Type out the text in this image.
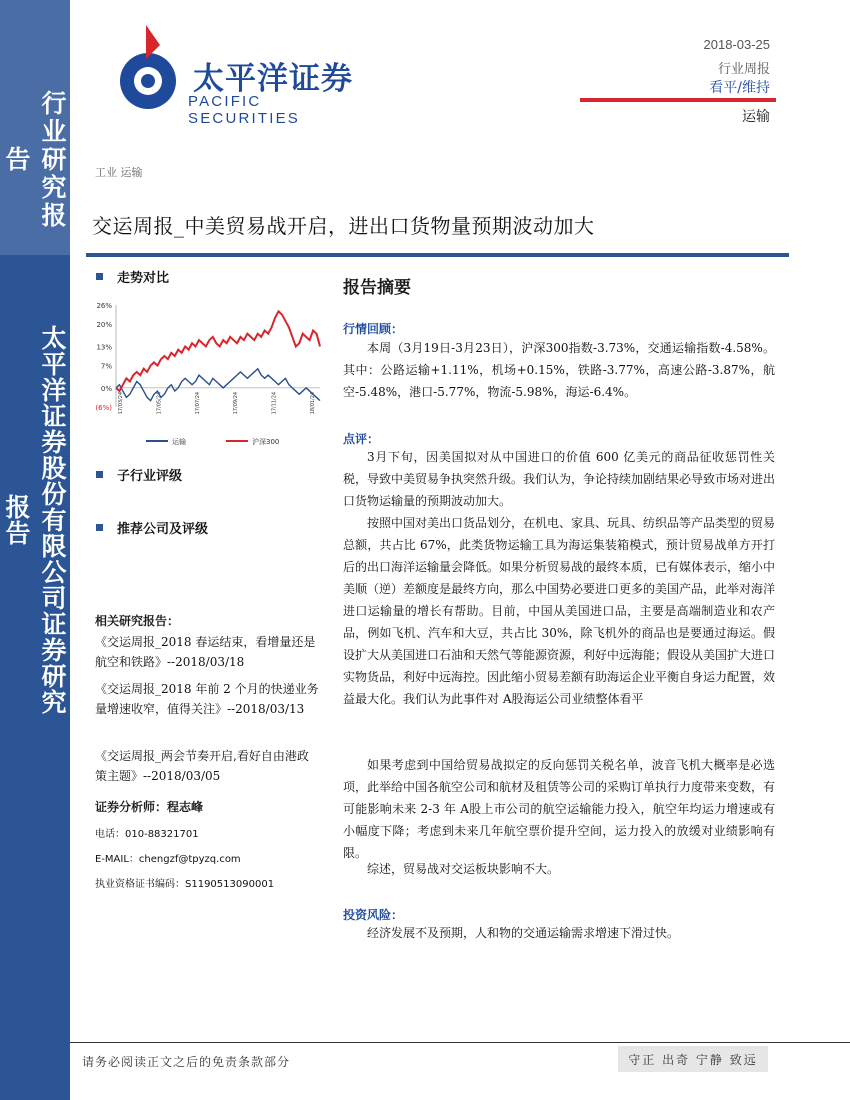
行业研究报告
太平洋证券股份有限公司证券研究报告
太平洋证券
PACIFIC SECURITIES
2018-03-25
行业周报
看平/维持
运输
工业 运输
交运周报_中美贸易战开启，进出口货物量预期波动加大
走势对比
26%
20%
13%
7%
0%
(6%) 17/03/24	17/05/24	17/07/24	17/09/24	17/11/24	18/01/24
运输	沪深300
子行业评级
推荐公司及评级
相关研究报告：
《交运周报_2018 春运结束，看增量还是航空和铁路》--2018/03/18
《交运周报_2018 年前 2 个月的快递业务量增速收窄，值得关注》--2018/03/13
《交运周报_两会节奏开启,看好自由港政策主题》--2018/03/05
证券分析师：程志峰
电话：010-88321701
E-MAIL：chengzf@tpyzq.com
执业资格证书编码：S1190513090001
报告摘要
行情回顾：
本周（3月19日-3月23日），沪深300指数-3.73%，交通运输指数-4.58%。其中：公路运输+1.11%，机场+0.15%，铁路-3.77%，高速公路-3.87%，航空-5.48%，港口-5.77%，物流-5.98%，海运-6.4%。
点评：
3月下旬，因美国拟对从中国进口的价值 600 亿美元的商品征收惩罚性关税，导致中美贸易争执突然升级。我们认为，争论持续加剧结果必导致市场对进出口货物运输量的预期波动加大。
按照中国对美出口货品划分，在机电、家具、玩具、纺织品等产品类型的贸易总额，共占比 67%，此类货物运输工具为海运集装箱模式，预计贸易战单方开打后的出口海洋运输量会降低。如果分析贸易战的最终本质，已有媒体表示，缩小中美顺（逆）差额度是最终方向，那么中国势必要进口更多的美国产品，此举对海洋进口运输量的增长有帮助。目前，中国从美国进口品，主要是高端制造业和农产品，例如飞机、汽车和大豆，共占比 30%，除飞机外的商品也是要通过海运。假设扩大从美国进口石油和天然气等能源资源，利好中远海能；假设从美国扩大进口实物货品，利好中远海控。因此缩小贸易差额有助海运企业平衡自身运力配置，效益最大化。我们认为此事件对 A股海运公司业绩整体看平
如果考虑到中国给贸易战拟定的反向惩罚关税名单，波音飞机大概率是必选项，此举给中国各航空公司和航材及租赁等公司的采购订单执行力度带来变数，有可能影响未来 2-3 年 A股上市公司的航空运输能力投入，航空年均运力增速或有小幅度下降；考虑到未来几年航空票价提升空间，运力投入的放缓对业绩影响有限。
综述，贸易战对交运板块影响不大。
投资风险：
经济发展不及预期，人和物的交通运输需求增速下滑过快。
请务必阅读正文之后的免责条款部分	守正 出奇 宁静 致远
